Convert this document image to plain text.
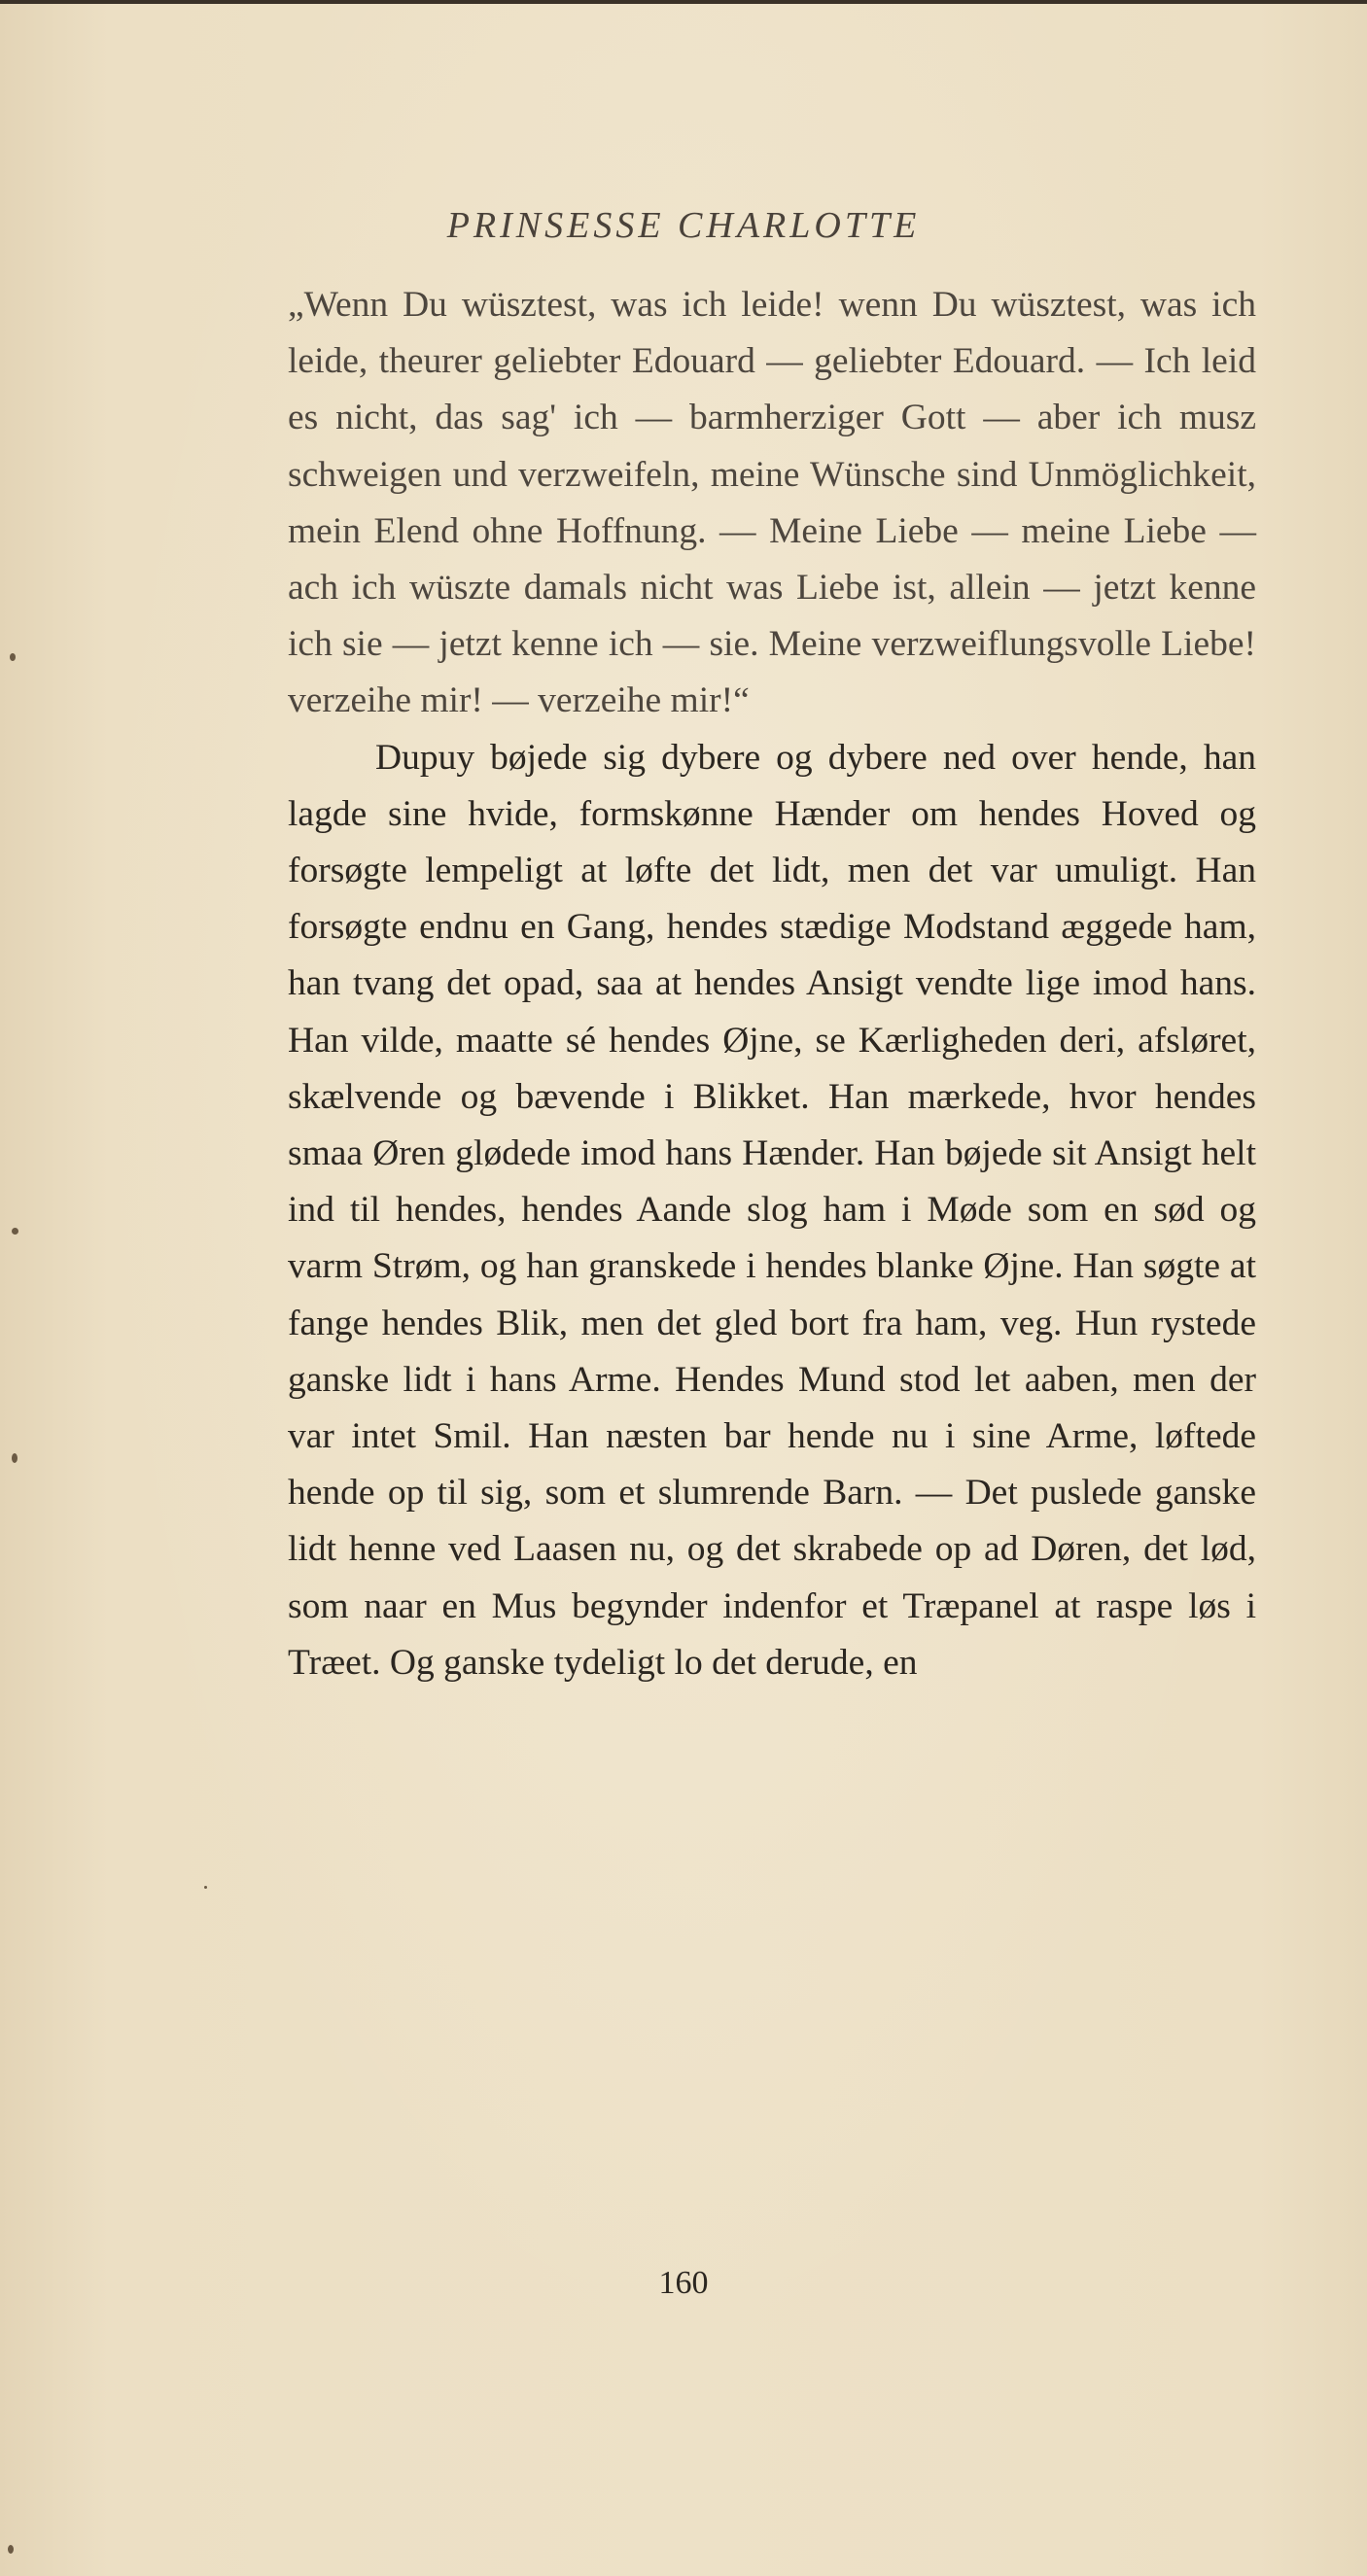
PRINSESSE CHARLOTTE

„Wenn Du wüsztest, was ich leide! wenn Du wüsztest, was ich leide, theurer geliebter Edouard — geliebter Edouard. — Ich leid es nicht, das sag' ich — barmherziger Gott — aber ich musz schweigen und verzweifeln, meine Wünsche sind Unmöglichkeit, mein Elend ohne Hoffnung. — Meine Liebe — meine Liebe — ach ich wüszte damals nicht was Liebe ist, allein — jetzt kenne ich sie — jetzt kenne ich — sie. Meine verzweiflungsvolle Liebe! verzeihe mir! — verzeihe mir!“

Dupuy bøjede sig dybere og dybere ned over hende, han lagde sine hvide, formskønne Hænder om hendes Hoved og forsøgte lempeligt at løfte det lidt, men det var umuligt. Han forsøgte endnu en Gang, hendes stædige Modstand æggede ham, han tvang det opad, saa at hendes Ansigt vendte lige imod hans. Han vilde, maatte sé hendes Øjne, se Kærligheden deri, afsløret, skælvende og bævende i Blikket. Han mærkede, hvor hendes smaa Øren glødede imod hans Hænder. Han bøjede sit Ansigt helt ind til hendes, hendes Aande slog ham i Møde som en sød og varm Strøm, og han granskede i hendes blanke Øjne. Han søgte at fange hendes Blik, men det gled bort fra ham, veg. Hun rystede ganske lidt i hans Arme. Hendes Mund stod let aaben, men der var intet Smil. Han næsten bar hende nu i sine Arme, løftede hende op til sig, som et slumrende Barn. — Det puslede ganske lidt henne ved Laasen nu, og det skrabede op ad Døren, det lød, som naar en Mus begynder indenfor et Træpanel at raspe løs i Træet. Og ganske tydeligt lo det derude, en

160
